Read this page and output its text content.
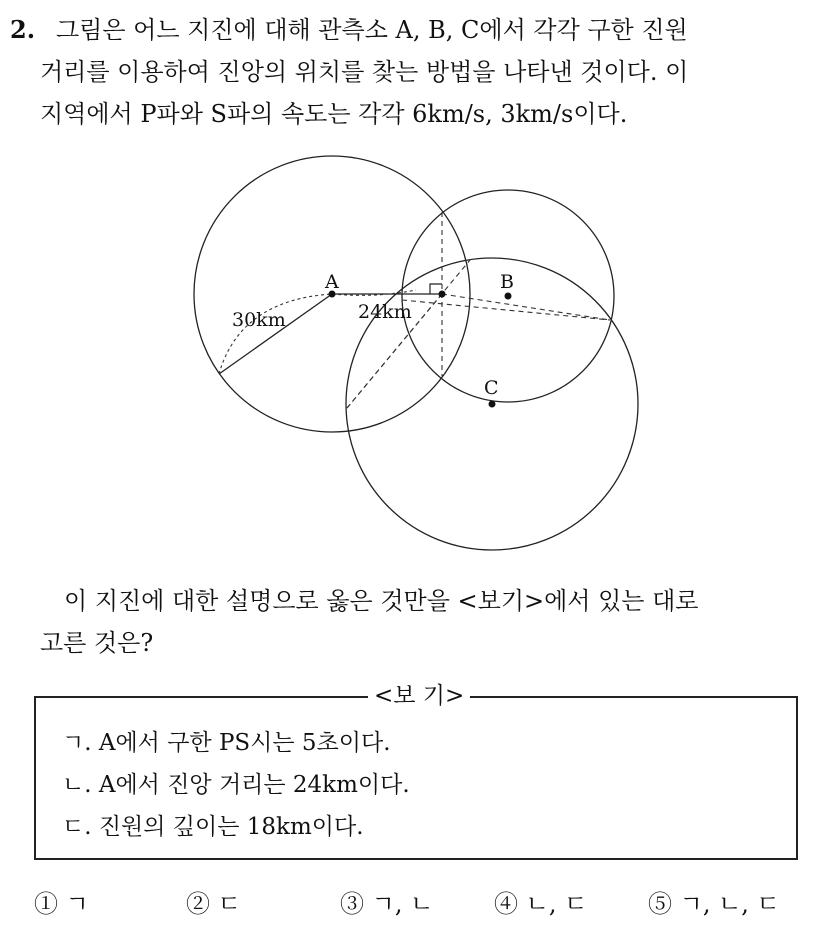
2. 그림은 어느 지진에 대해 관측소 A, B, C에서 각각 구한 진원
거리를 이용하여 진앙의 위치를 찾는 방법을 나타낸 것이다. 이
지역에서 P파와 S파의 속도는 각각 6km/s, 3km/s이다.
A	B
C
30km	24km
이 지진에 대한 설명으로 옳은 것만을 <보기>에서 있는 대로
고른 것은?
<보 기>
ㄱ. A에서 구한 PS시는 5초이다.
ㄴ. A에서 진앙 거리는 24km이다.
ㄷ. 진원의 깊이는 18km이다.
① ㄱ	② ㄷ	③ ㄱ, ㄴ	④ ㄴ, ㄷ	⑤ ㄱ, ㄴ, ㄷ
